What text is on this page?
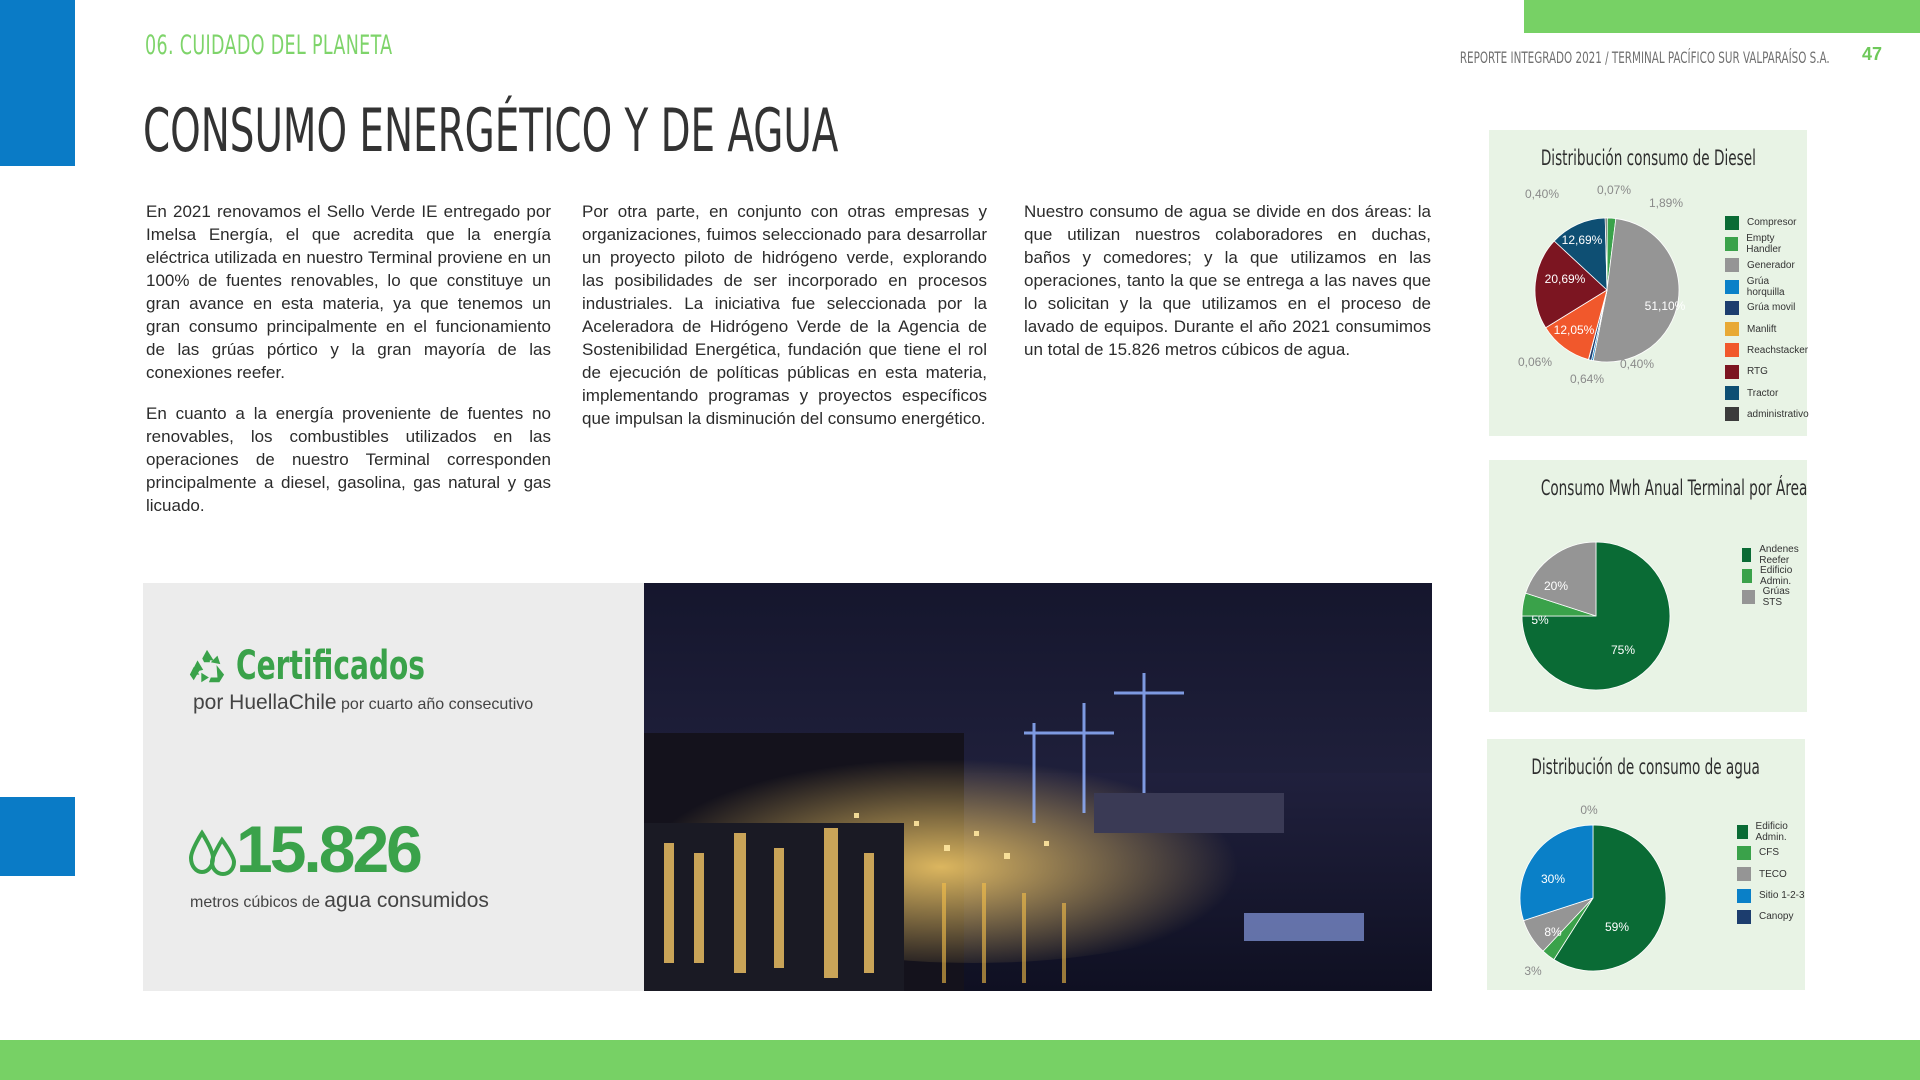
06. CUIDADO DEL PLANETA	REPORTE INTEGRADO 2021 / TERMINAL PACÍFICO SUR VALPARAÍSO S.A. 47
CONSUMO ENERGÉTICO Y DE AGUA

En 2021 renovamos el Sello Verde IE entregado por Imelsa Energía, el que acredita que la energía eléctrica utilizada en nuestro Terminal proviene en un 100% de fuentes renovables, lo que constituye un gran avance en esta materia, ya que tenemos un gran consumo principalmente en el funcionamiento de las grúas pórtico y la gran mayoría de las conexiones reefer.

En cuanto a la energía proveniente de fuentes no renovables, los combustibles utilizados en las operaciones de nuestro Terminal corresponden principalmente a diesel, gasolina, gas natural y gas licuado.

Por otra parte, en conjunto con otras empresas y organizaciones, fuimos seleccionado para desarrollar un proyecto piloto de hidrógeno verde, explorando las posibilidades de ser incorporado en procesos industriales. La iniciativa fue seleccionada por la Aceleradora de Hidrógeno Verde de la Agencia de Sostenibilidad Energética, fundación que tiene el rol de ejecución de políticas públicas en esta materia, implementando programas y proyectos específicos que impulsan la disminución del consumo energético.

Nuestro consumo de agua se divide en dos áreas: la que utilizan nuestros colaboradores en duchas, baños y comedores; y la que utilizamos en las operaciones, tanto la que se entrega a las naves que lo solicitan y la que utilizamos en el proceso de lavado de equipos. Durante el año 2021 consumimos un total de 15.826 metros cúbicos de agua.

Certificados
por HuellaChile por cuarto año consecutivo
15.826
metros cúbicos de agua consumidos
Distribución consumo de Diesel
0,07%
1,89%
51,10%
0,40%
0,64%
0,06%
12,05%
20,69%
12,69%
0,40%
Compresor
Empty Handler
Generador
Grúa horquilla
Grúa movil
Manlift
Reachstacker
RTG
Tractor
administrativo
Consumo Mwh Anual Terminal por Área
75%
5%
20%
Andenes Reefer
Edificio Admin.
Grúas STS
Distribución de consumo de agua
59%
3%
8%
30%
0%
Edificio Admin.
CFS
TECO
Sitio 1-2-3
Canopy
